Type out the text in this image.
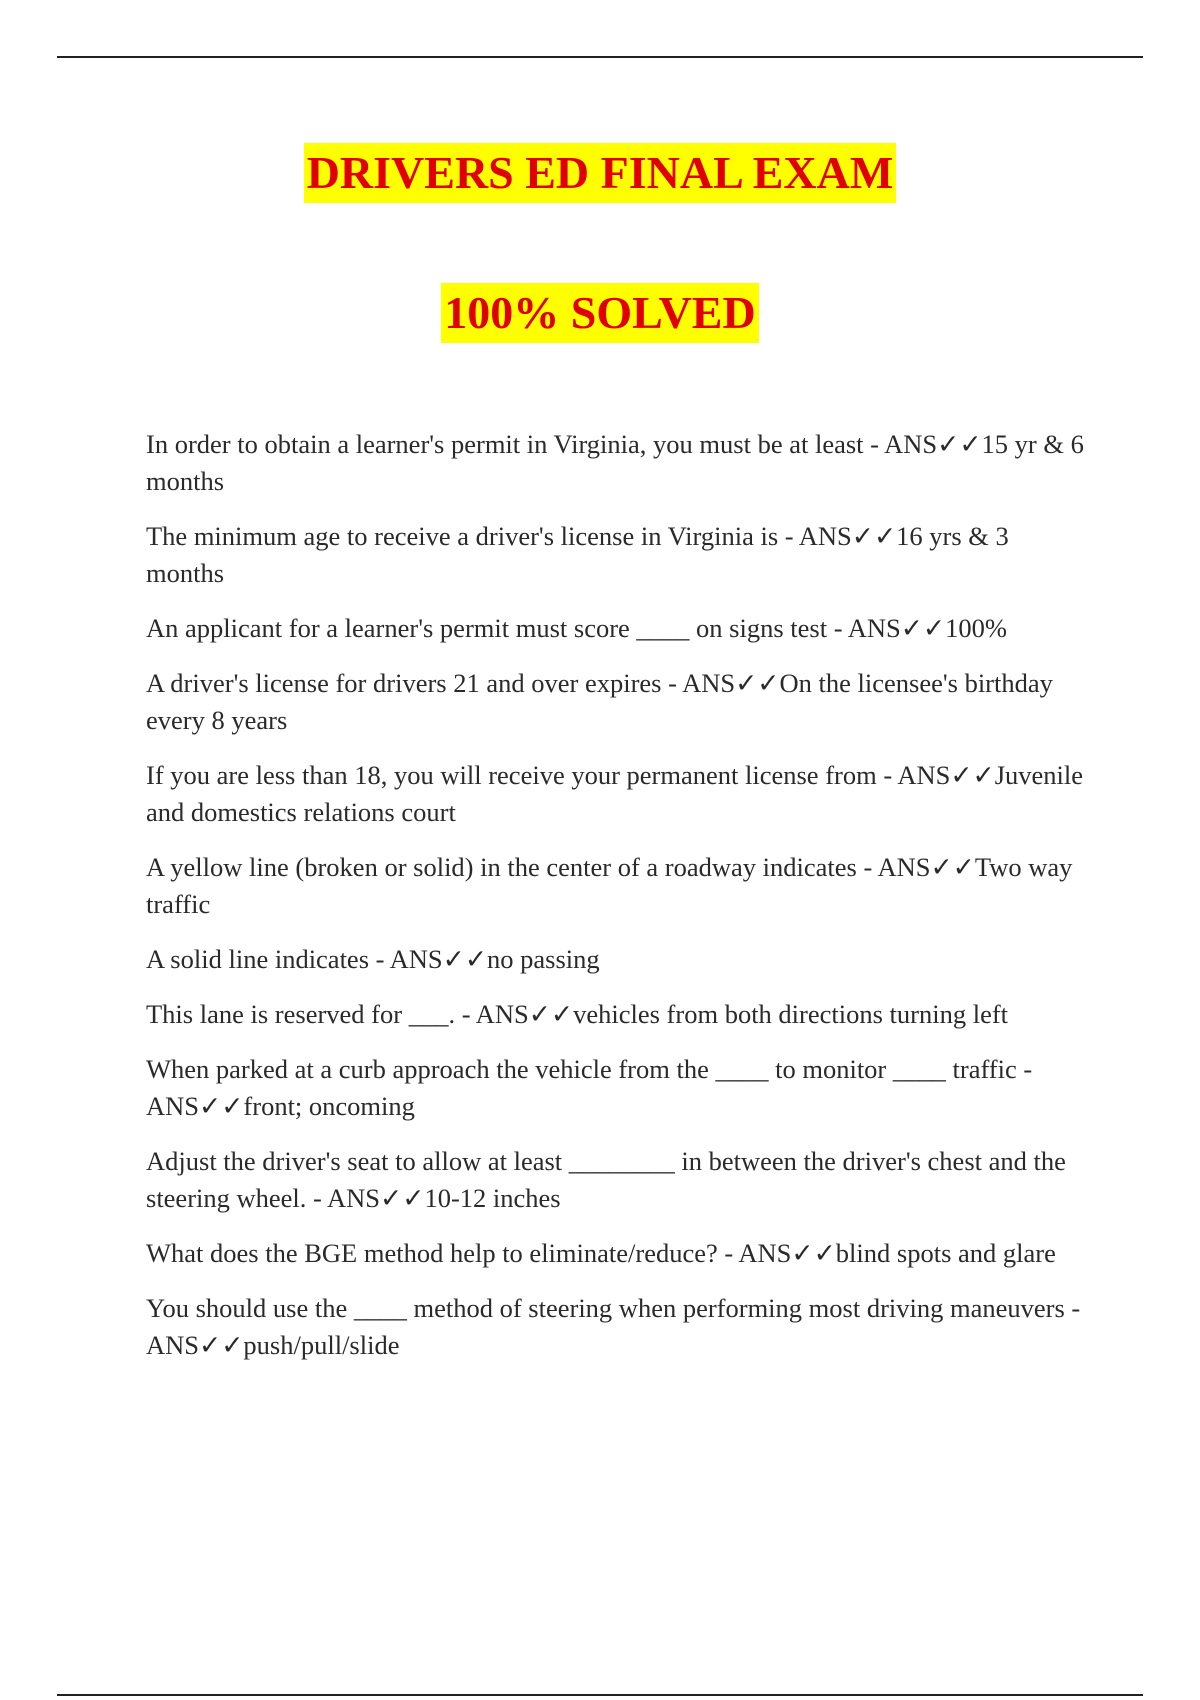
DRIVERS ED FINAL EXAM
100% SOLVED

In order to obtain a learner's permit in Virginia, you must be at least - ANS✓✓15 yr & 6 months

The minimum age to receive a driver's license in Virginia is - ANS✓✓16 yrs & 3 months

An applicant for a learner's permit must score ____ on signs test - ANS✓✓100%

A driver's license for drivers 21 and over expires - ANS✓✓On the licensee's birthday every 8 years

If you are less than 18, you will receive your permanent license from - ANS✓✓Juvenile and domestics relations court

A yellow line (broken or solid) in the center of a roadway indicates - ANS✓✓Two way traffic

A solid line indicates - ANS✓✓no passing

This lane is reserved for ___. - ANS✓✓vehicles from both directions turning left

When parked at a curb approach the vehicle from the ____ to monitor ____ traffic - ANS✓✓front; oncoming

Adjust the driver's seat to allow at least ________ in between the driver's chest and the steering wheel. - ANS✓✓10-12 inches

What does the BGE method help to eliminate/reduce? - ANS✓✓blind spots and glare

You should use the ____ method of steering when performing most driving maneuvers - ANS✓✓push/pull/slide
